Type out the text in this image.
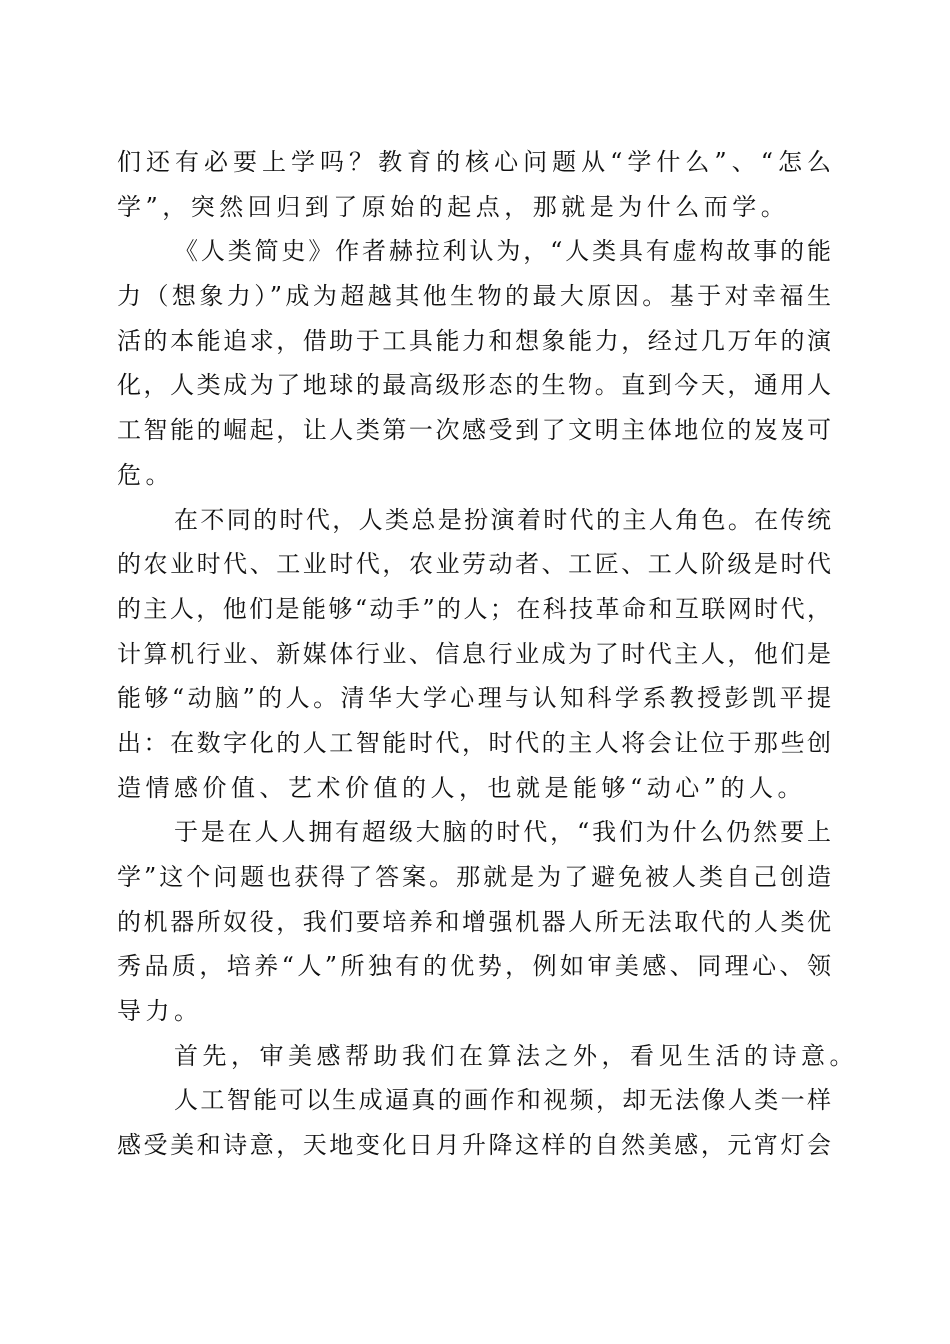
们还有必要上学吗？教育的核心问题从“学什么”、“怎么
学”，突然回归到了原始的起点，那就是为什么而学。
《人类简史》作者赫拉利认为，“人类具有虚构故事的能
力（想象力）”成为超越其他生物的最大原因。基于对幸福生
活的本能追求，借助于工具能力和想象能力，经过几万年的演
化，人类成为了地球的最高级形态的生物。直到今天，通用人
工智能的崛起，让人类第一次感受到了文明主体地位的岌岌可
危。
在不同的时代，人类总是扮演着时代的主人角色。在传统
的农业时代、工业时代，农业劳动者、工匠、工人阶级是时代
的主人，他们是能够“动手”的人；在科技革命和互联网时代，
计算机行业、新媒体行业、信息行业成为了时代主人，他们是
能够“动脑”的人。清华大学心理与认知科学系教授彭凯平提
出：在数字化的人工智能时代，时代的主人将会让位于那些创
造情感价值、艺术价值的人，也就是能够“动心”的人。
于是在人人拥有超级大脑的时代，“我们为什么仍然要上
学”这个问题也获得了答案。那就是为了避免被人类自己创造
的机器所奴役，我们要培养和增强机器人所无法取代的人类优
秀品质，培养“人”所独有的优势，例如审美感、同理心、领
导力。
首先，审美感帮助我们在算法之外，看见生活的诗意。
人工智能可以生成逼真的画作和视频，却无法像人类一样
感受美和诗意，天地变化日月升降这样的自然美感，元宵灯会
